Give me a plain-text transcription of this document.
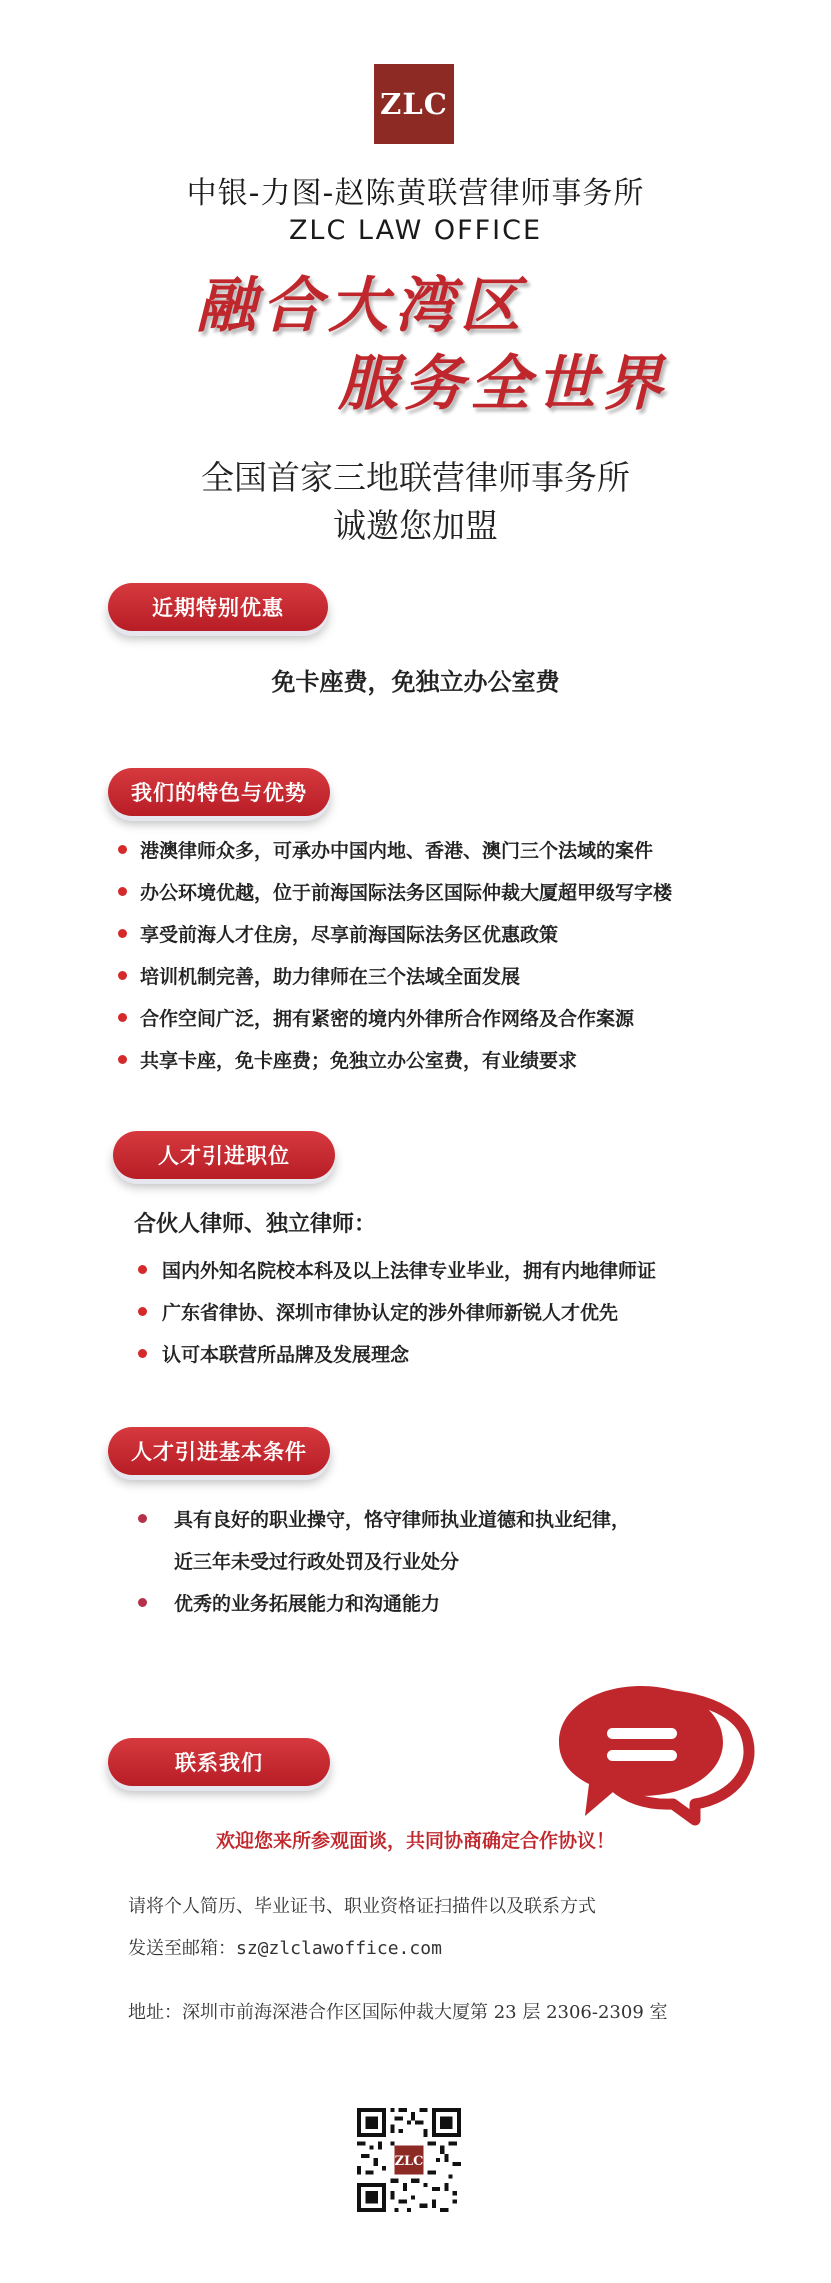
ZLC
中银-力图-赵陈黄联营律师事务所
ZLC LAW OFFICE
融合大湾区
服务全世界
全国首家三地联营律师事务所
诚邀您加盟
近期特别优惠
免卡座费，免独立办公室费
我们的特色与优势
港澳律师众多，可承办中国内地、香港、澳门三个法域的案件
办公环境优越，位于前海国际法务区国际仲裁大厦超甲级写字楼
享受前海人才住房，尽享前海国际法务区优惠政策
培训机制完善，助力律师在三个法域全面发展
合作空间广泛，拥有紧密的境内外律所合作网络及合作案源
共享卡座，免卡座费；免独立办公室费，有业绩要求
人才引进职位
合伙人律师、独立律师：
国内外知名院校本科及以上法律专业毕业，拥有内地律师证
广东省律协、深圳市律协认定的涉外律师新锐人才优先
认可本联营所品牌及发展理念
人才引进基本条件
具有良好的职业操守，恪守律师执业道德和执业纪律，
近三年未受过行政处罚及行业处分
优秀的业务拓展能力和沟通能力
联系我们
欢迎您来所参观面谈，共同协商确定合作协议！
请将个人简历、毕业证书、职业资格证扫描件以及联系方式
发送至邮箱：sz@zlclawoffice.com
地址：深圳市前海深港合作区国际仲裁大厦第 23 层 2306-2309 室
ZLC
